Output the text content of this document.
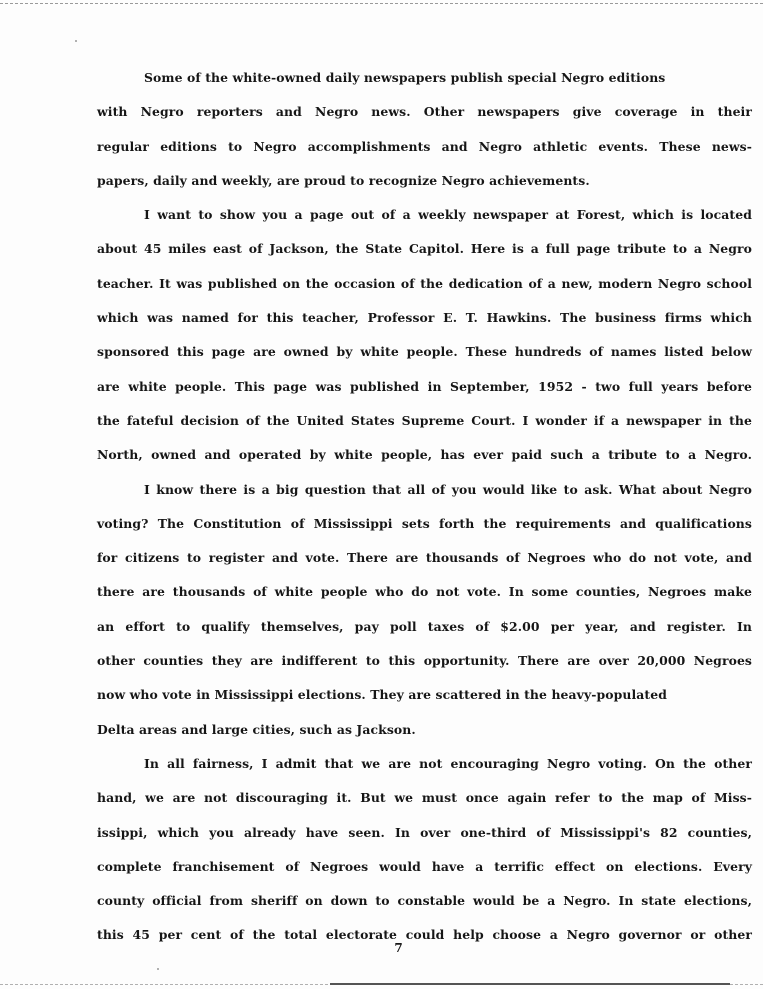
Some of the white-owned daily newspapers publish special Negro editions
with Negro reporters and Negro news. Other newspapers give coverage in their
regular editions to Negro accomplishments and Negro athletic events. These news-
papers, daily and weekly, are proud to recognize Negro achievements.
I want to show you a page out of a weekly newspaper at Forest, which is located
about 45 miles east of Jackson, the State Capitol. Here is a full page tribute to a Negro
teacher. It was published on the occasion of the dedication of a new, modern Negro school
which was named for this teacher, Professor E. T. Hawkins. The business firms which
sponsored this page are owned by white people. These hundreds of names listed below
are white people. This page was published in September, 1952 - two full years before
the fateful decision of the United States Supreme Court. I wonder if a newspaper in the
North, owned and operated by white people, has ever paid such a tribute to a Negro.
I know there is a big question that all of you would like to ask. What about Negro
voting? The Constitution of Mississippi sets forth the requirements and qualifications
for citizens to register and vote. There are thousands of Negroes who do not vote, and
there are thousands of white people who do not vote. In some counties, Negroes make
an effort to qualify themselves, pay poll taxes of $2.00 per year, and register. In
other counties they are indifferent to this opportunity. There are over 20,000 Negroes
now who vote in Mississippi elections. They are scattered in the heavy-populated
Delta areas and large cities, such as Jackson.
In all fairness, I admit that we are not encouraging Negro voting. On the other
hand, we are not discouraging it. But we must once again refer to the map of Miss-
issippi, which you already have seen. In over one-third of Mississippi's 82 counties,
complete franchisement of Negroes would have a terrific effect on elections. Every
county official from sheriff on down to constable would be a Negro. In state elections,
this 45 per cent of the total electorate could help choose a Negro governor or other
7
